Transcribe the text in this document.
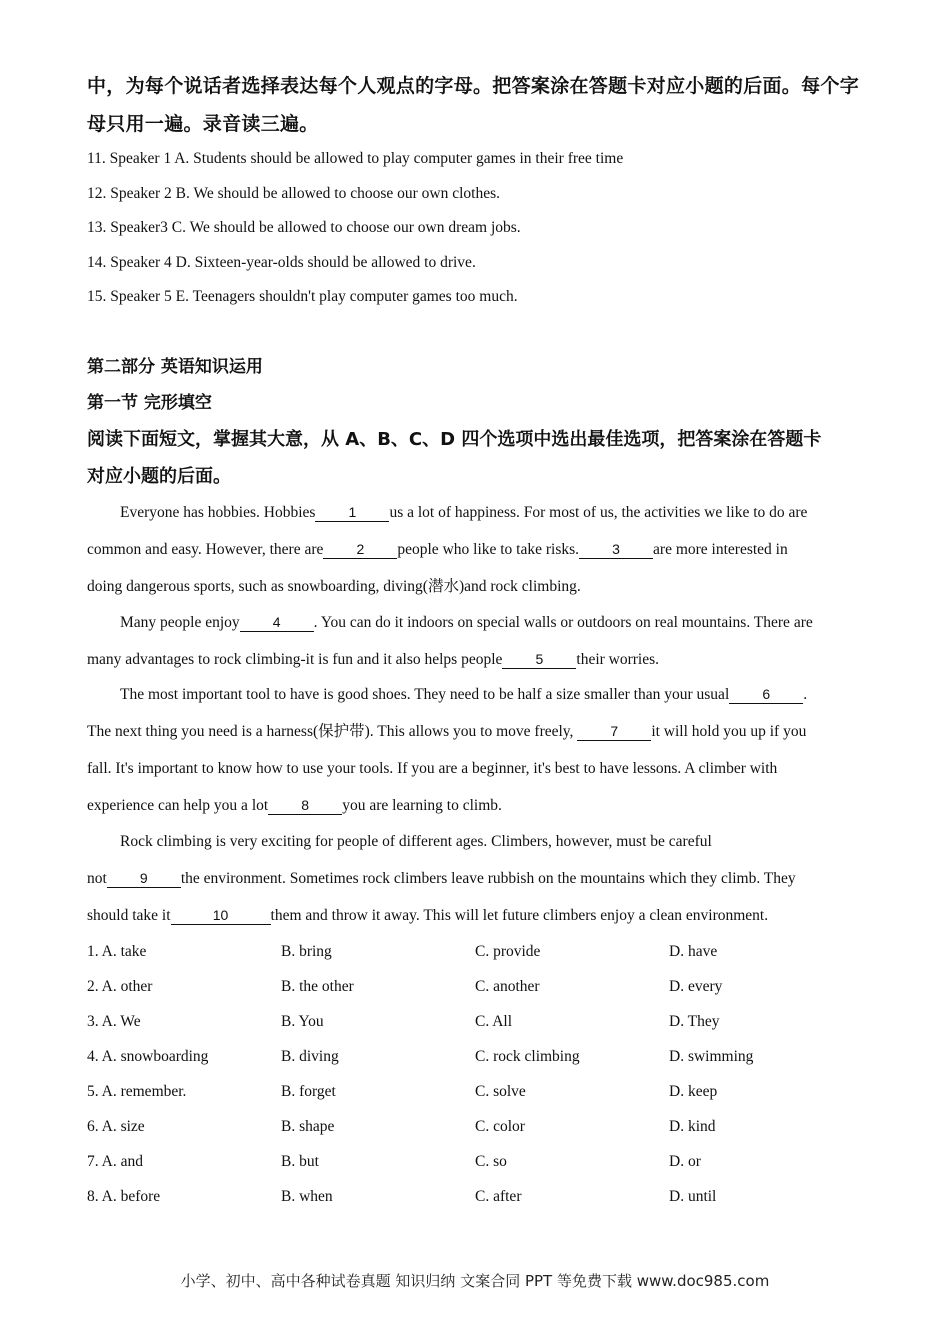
中，为每个说话者选择表达每个人观点的字母。把答案涂在答题卡对应小题的后面。每个字
母只用一遍。录音读三遍。
11. Speaker 1 A. Students should be allowed to play computer games in their free time
12. Speaker 2 B. We should be allowed to choose our own clothes.
13. Speaker3 C. We should be allowed to choose our own dream jobs.
14. Speaker 4 D. Sixteen-year-olds should be allowed to drive.
15. Speaker 5 E. Teenagers shouldn't play computer games too much.
第二部分 英语知识运用
第一节 完形填空
阅读下面短文，掌握其大意，从 A、B、C、D 四个选项中选出最佳选项，把答案涂在答题卡
对应小题的后面。
Everyone has hobbies. Hobbies 1 us a lot of happiness. For most of us, the activities we like to do are
common and easy. However, there are 2 people who like to take risks. 3 are more interested in
doing dangerous sports, such as snowboarding, diving(潜水)and rock climbing.
Many people enjoy 4 . You can do it indoors on special walls or outdoors on real mountains. There are
many advantages to rock climbing-it is fun and it also helps people 5 their worries.
The most important tool to have is good shoes. They need to be half a size smaller than your usual 6 .
The next thing you need is a harness(保护带). This allows you to move freely, 7 it will hold you up if you
fall. It's important to know how to use your tools. If you are a beginner, it's best to have lessons. A climber with
experience can help you a lot 8 you are learning to climb.
Rock climbing is very exciting for people of different ages. Climbers, however, must be careful
not 9 the environment. Sometimes rock climbers leave rubbish on the mountains which they climb. They
should take it	10	them and throw it away. This will let future climbers enjoy a clean environment.
1. A. take	B. bring	C. provide	D. have
2. A. other	B. the other	C. another	D. every
3. A. We	B. You	C. All	D. They
4. A. snowboarding	B. diving	C. rock climbing	D. swimming
5. A. remember.	B. forget	C. solve	D. keep
6. A. size	B. shape	C. color	D. kind
7. A. and	B. but	C. so	D. or
8. A. before	B. when	C. after	D. until
小学、初中、高中各种试卷真题 知识归纳 文案合同 PPT 等免费下载 www.doc985.com
